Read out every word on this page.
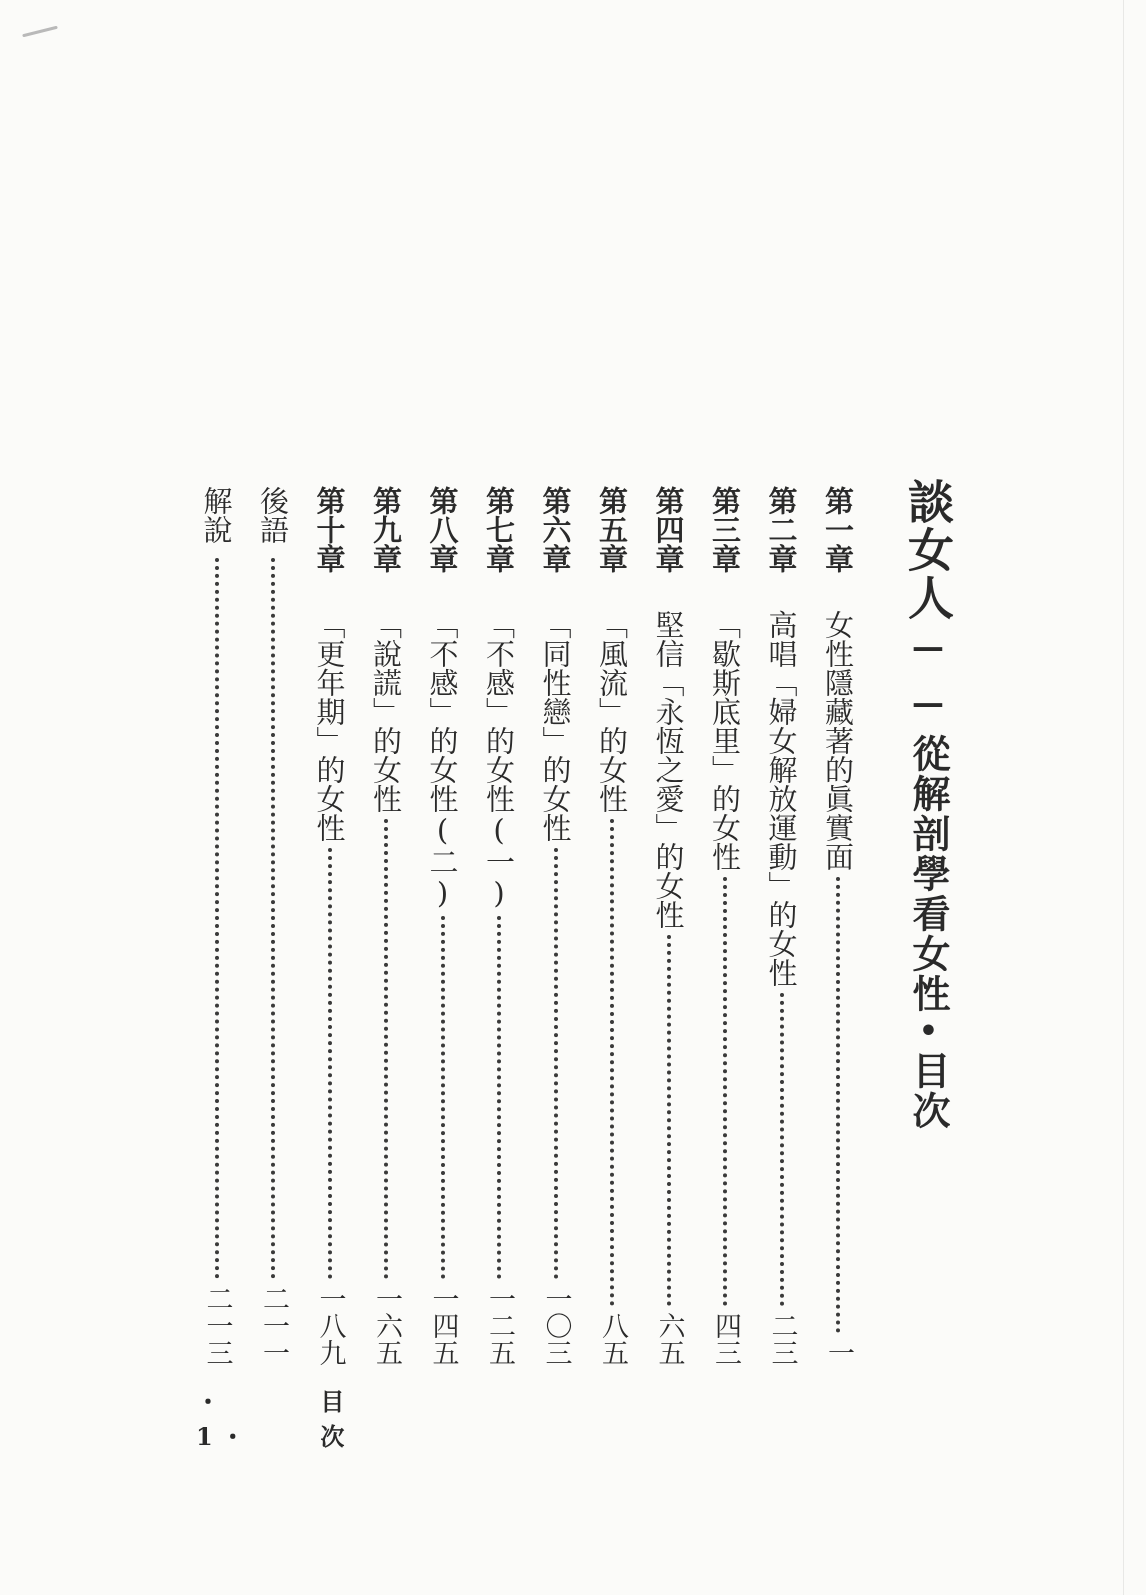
談女人──從解剖學看女性•目次
第一章
女性隱藏著的眞實面
一
第二章
高唱「婦女解放運動」的女性
二三
第三章
「歇斯底里」的女性
四三
第四章
堅信「永恆之愛」的女性
六五
第五章
「風流」的女性
八五
第六章
「同性戀」的女性
一〇三
第七章
「不感」的女性(一)
一二五
第八章
「不感」的女性(二)
一四五
第九章
「說謊」的女性
一六五
第十章
「更年期」的女性
一八九
後語
二一一
解說
二一三
・1・
目次
